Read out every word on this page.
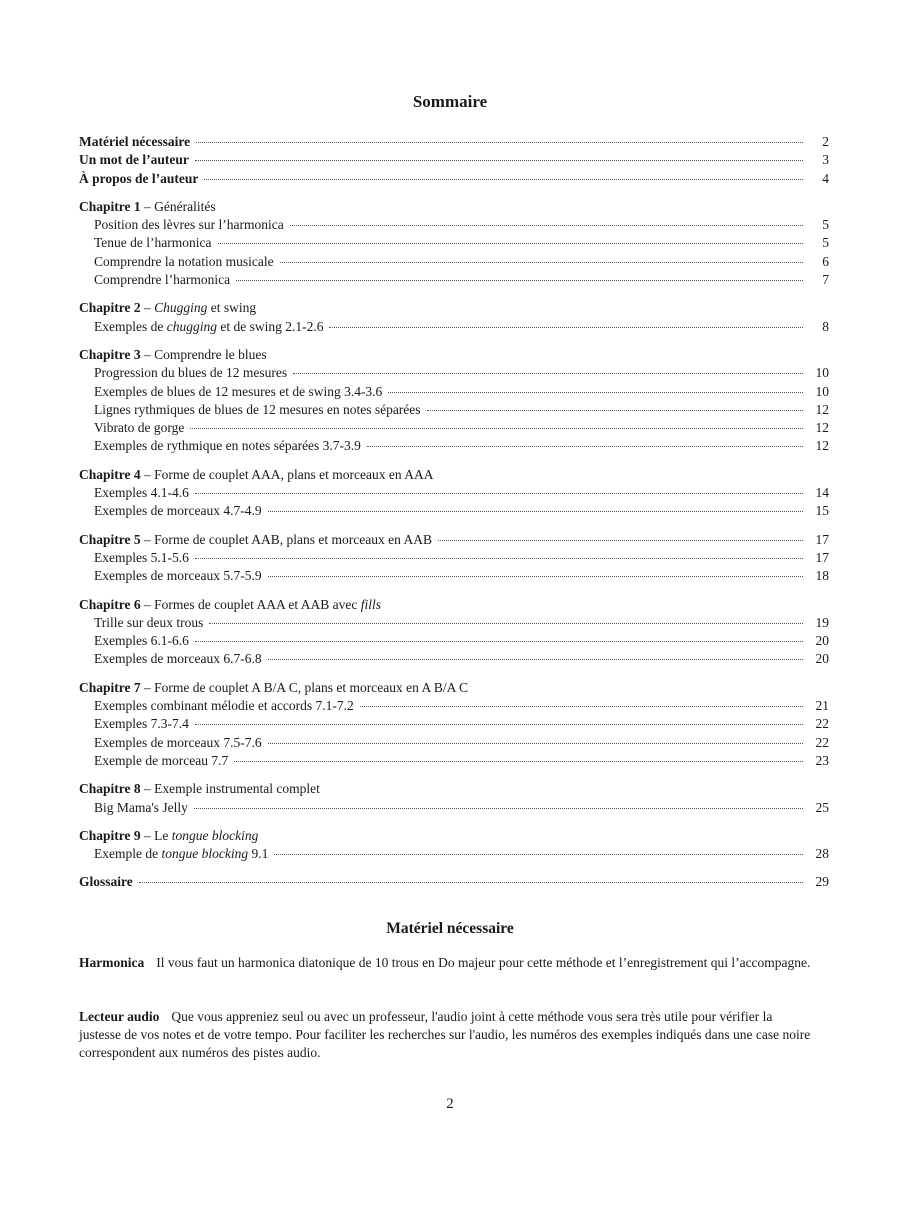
Sommaire
Matériel nécessaire	2
Un mot de l’auteur	3
À propos de l’auteur	4
Chapitre 1 – Généralités
Position des lèvres sur l’harmonica	5
Tenue de l’harmonica	5
Comprendre la notation musicale	6
Comprendre l’harmonica	7
Chapitre 2 – Chugging et swing
Exemples de chugging et de swing 2.1-2.6	8
Chapitre 3 – Comprendre le blues
Progression du blues de 12 mesures	10
Exemples de blues de 12 mesures et de swing 3.4-3.6	10
Lignes rythmiques de blues de 12 mesures en notes séparées	12
Vibrato de gorge	12
Exemples de rythmique en notes séparées 3.7-3.9	12
Chapitre 4 – Forme de couplet AAA, plans et morceaux en AAA
Exemples 4.1-4.6	14
Exemples de morceaux 4.7-4.9	15
Chapitre 5 – Forme de couplet AAB, plans et morceaux en AAB	17
Exemples 5.1-5.6	17
Exemples de morceaux 5.7-5.9	18
Chapitre 6 – Formes de couplet AAA et AAB avec fills
Trille sur deux trous	19
Exemples 6.1-6.6	20
Exemples de morceaux 6.7-6.8	20
Chapitre 7 – Forme de couplet A B/A C, plans et morceaux en A B/A C
Exemples combinant mélodie et accords 7.1-7.2	21
Exemples 7.3-7.4	22
Exemples de morceaux 7.5-7.6	22
Exemple de morceau 7.7	23
Chapitre 8 – Exemple instrumental complet
Big Mama's Jelly	25
Chapitre 9 – Le tongue blocking
Exemple de tongue blocking 9.1	28
Glossaire	29
Matériel nécessaire
Harmonica Il vous faut un harmonica diatonique de 10 trous en Do majeur pour cette méthode et l’enregistrement qui l’accompagne.
Lecteur audio Que vous appreniez seul ou avec un professeur, l'audio joint à cette méthode vous sera très utile pour vérifier la justesse de vos notes et de votre tempo. Pour faciliter les recherches sur l'audio, les numéros des exemples indiqués dans une case noire correspondent aux numéros des pistes audio.
2
